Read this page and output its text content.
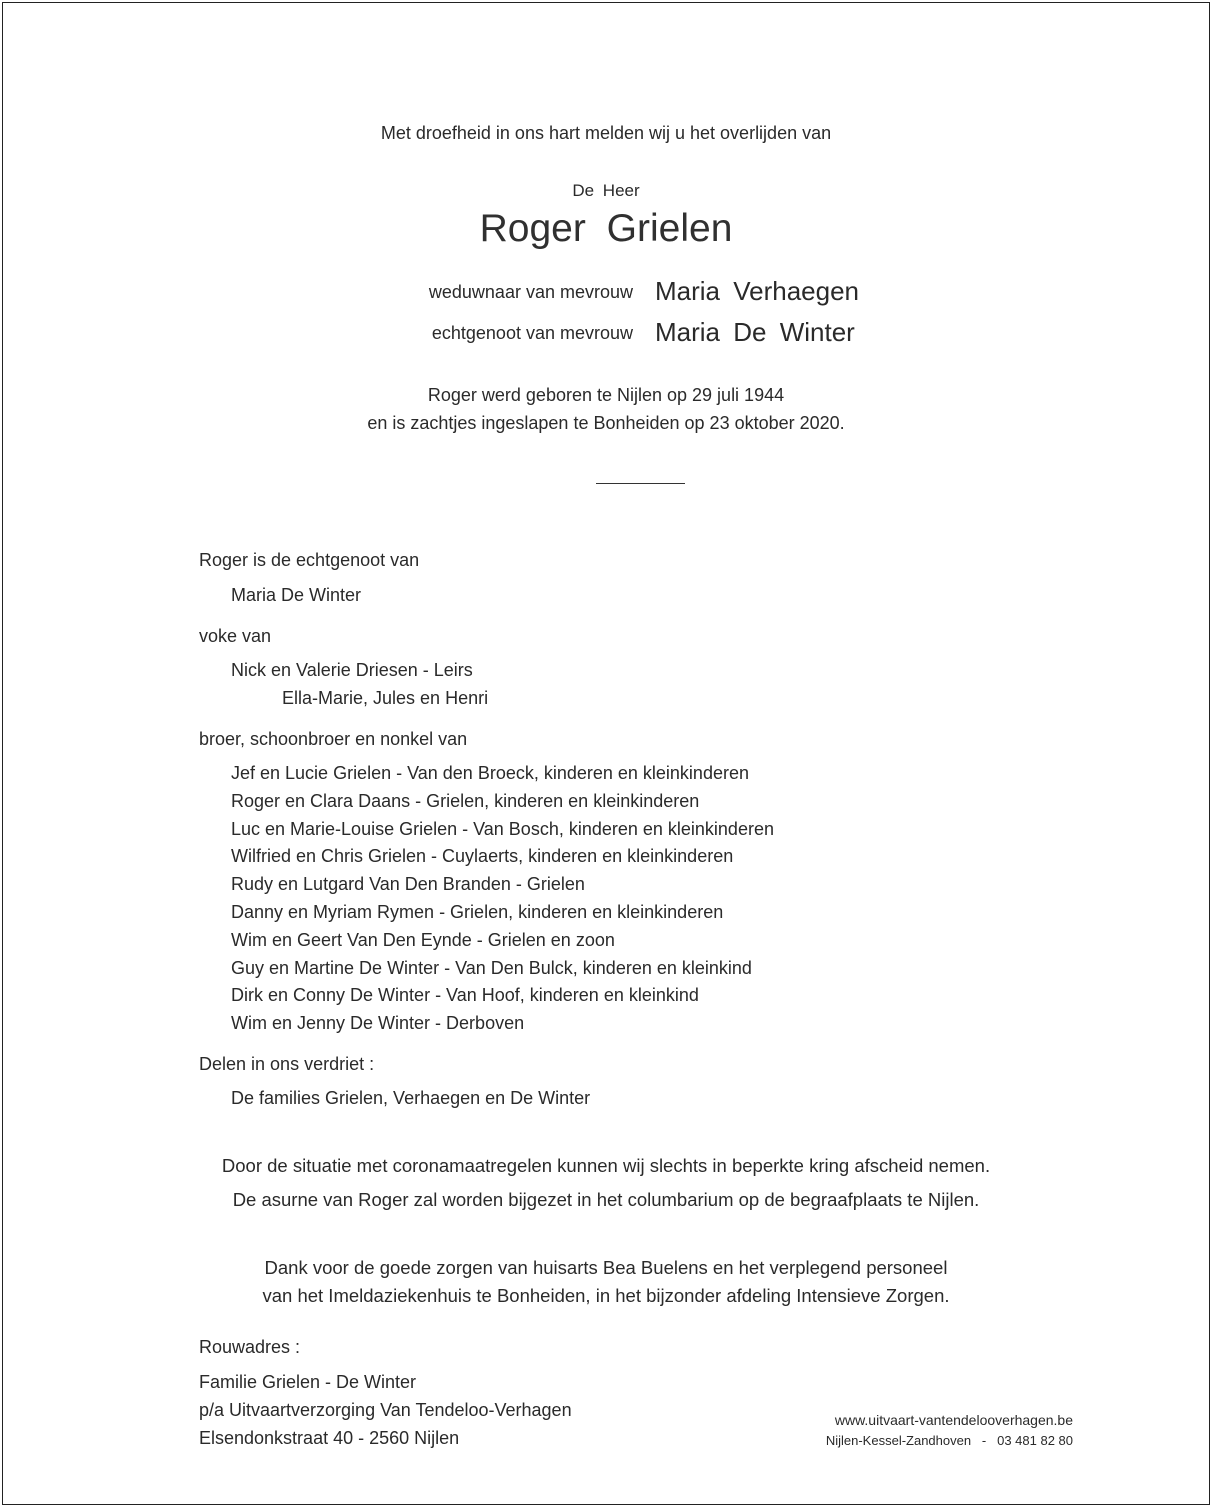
Met droefheid in ons hart melden wij u het overlijden van
De Heer
Roger Grielen
weduwnaar van mevrouw Maria Verhaegen
echtgenoot van mevrouw Maria De Winter
Roger werd geboren te Nijlen op 29 juli 1944
en is zachtjes ingeslapen te Bonheiden op 23 oktober 2020.
Roger is de echtgenoot van
Maria De Winter
voke van
Nick en Valerie Driesen - Leirs
Ella-Marie, Jules en Henri
broer, schoonbroer en nonkel van
Jef en Lucie Grielen - Van den Broeck, kinderen en kleinkinderen
Roger en Clara Daans - Grielen, kinderen en kleinkinderen
Luc en Marie-Louise Grielen - Van Bosch, kinderen en kleinkinderen
Wilfried en Chris Grielen - Cuylaerts, kinderen en kleinkinderen
Rudy en Lutgard Van Den Branden - Grielen
Danny en Myriam Rymen - Grielen, kinderen en kleinkinderen
Wim en Geert Van Den Eynde - Grielen en zoon
Guy en Martine De Winter - Van Den Bulck, kinderen en kleinkind
Dirk en Conny De Winter - Van Hoof, kinderen en kleinkind
Wim en Jenny De Winter - Derboven
Delen in ons verdriet :
De families Grielen, Verhaegen en De Winter
Door de situatie met coronamaatregelen kunnen wij slechts in beperkte kring afscheid nemen.
De asurne van Roger zal worden bijgezet in het columbarium op de begraafplaats te Nijlen.
Dank voor de goede zorgen van huisarts Bea Buelens en het verplegend personeel
van het Imeldaziekenhuis te Bonheiden, in het bijzonder afdeling Intensieve Zorgen.
Rouwadres :
Familie Grielen - De Winter
p/a Uitvaartverzorging Van Tendeloo-Verhagen
Elsendonkstraat 40 - 2560 Nijlen
www.uitvaart-vantendelooverhagen.be
Nijlen-Kessel-Zandhoven   -   03 481 82 80
